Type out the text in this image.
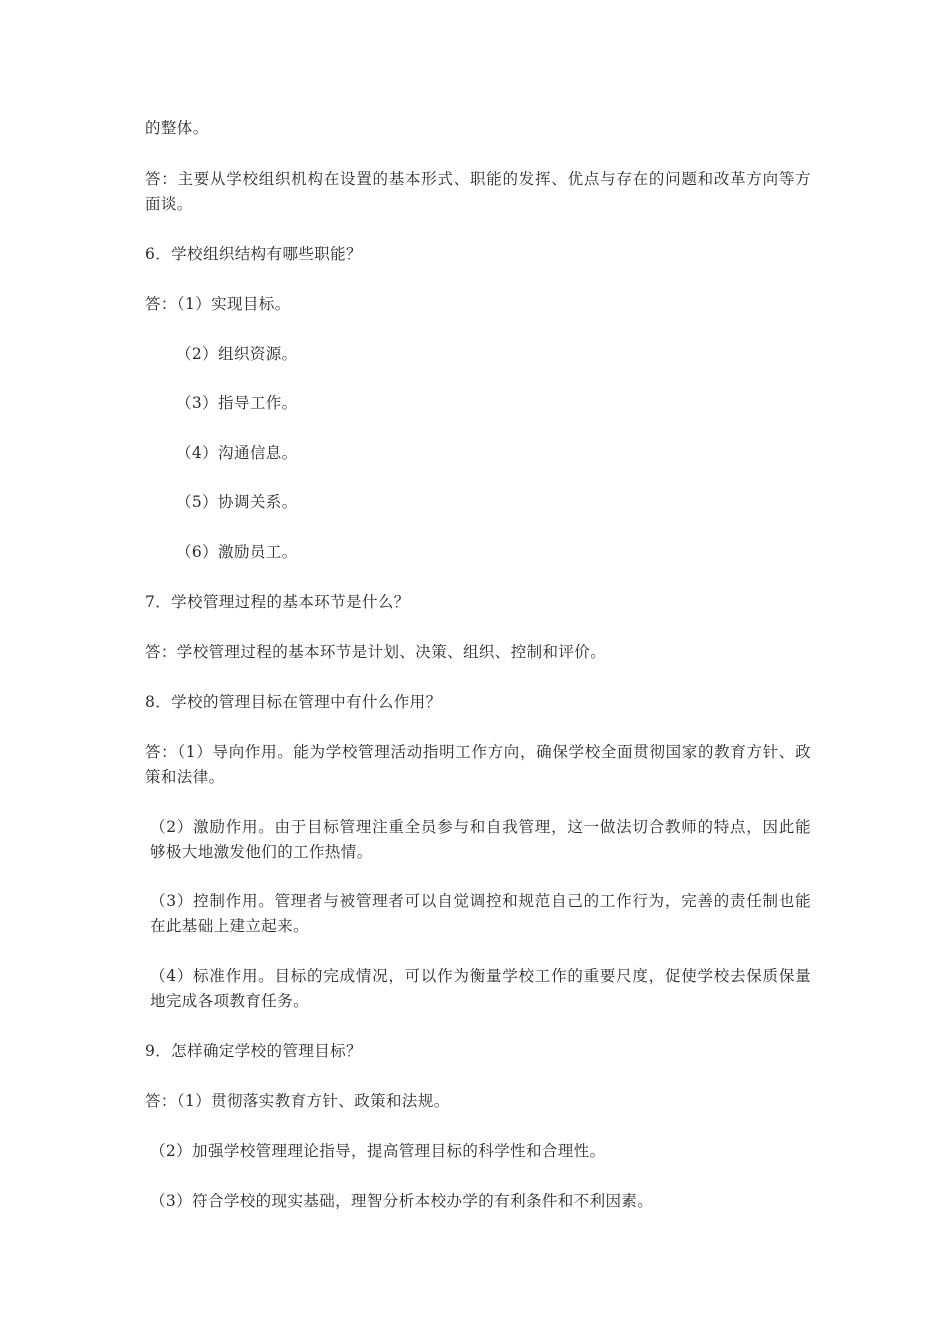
的整体。

答：主要从学校组织机构在设置的基本形式、职能的发挥、优点与存在的问题和改革方向等方面谈。

6．学校组织结构有哪些职能？

答：（1）实现目标。

（2）组织资源。

（3）指导工作。

（4）沟通信息。

（5）协调关系。

（6）激励员工。

7．学校管理过程的基本环节是什么？

答：学校管理过程的基本环节是计划、决策、组织、控制和评价。

8．学校的管理目标在管理中有什么作用？

答：（1）导向作用。能为学校管理活动指明工作方向，确保学校全面贯彻国家的教育方针、政策和法律。

（2）激励作用。由于目标管理注重全员参与和自我管理，这一做法切合教师的特点，因此能够极大地激发他们的工作热情。

（3）控制作用。管理者与被管理者可以自觉调控和规范自己的工作行为，完善的责任制也能在此基础上建立起来。

（4）标准作用。目标的完成情况，可以作为衡量学校工作的重要尺度，促使学校去保质保量地完成各项教育任务。

9．怎样确定学校的管理目标？

答：（1）贯彻落实教育方针、政策和法规。

（2）加强学校管理理论指导，提高管理目标的科学性和合理性。

（3）符合学校的现实基础，理智分析本校办学的有利条件和不利因素。
